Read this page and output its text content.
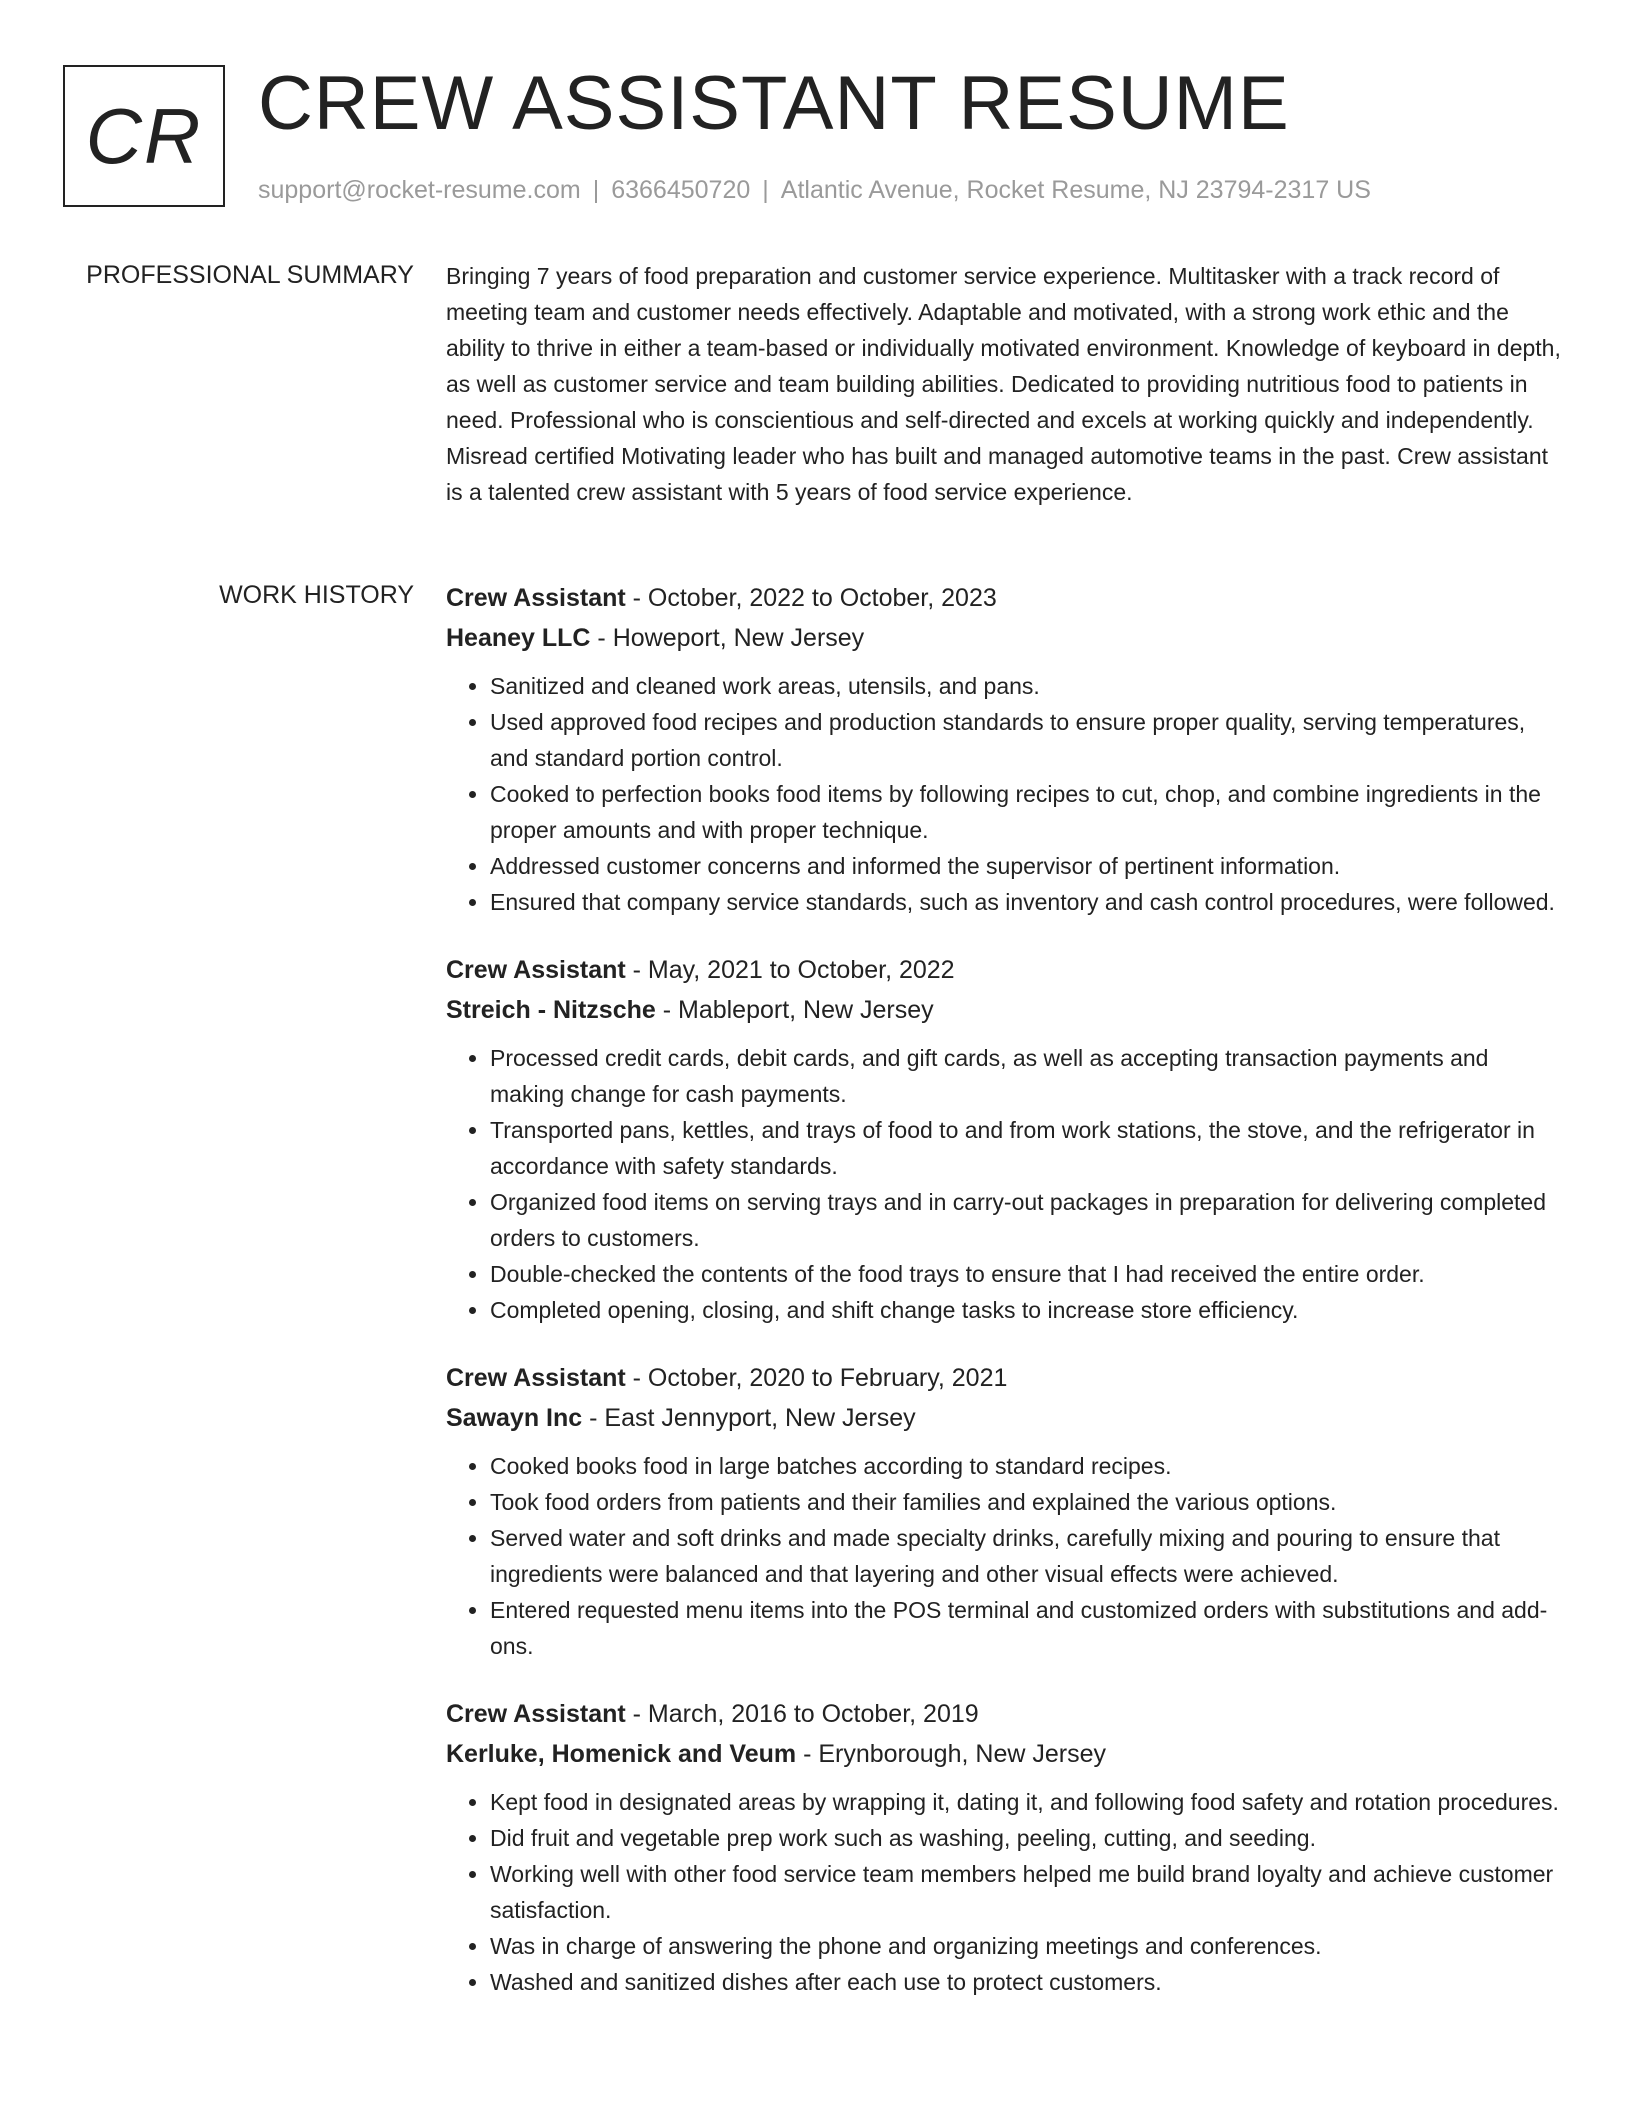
CR CREW ASSISTANT RESUME
support@rocket-resume.com | 6366450720 | Atlantic Avenue, Rocket Resume, NJ 23794-2317 US
PROFESSIONAL SUMMARY Bringing 7 years of food preparation and customer service experience. Multitasker with a track record of meeting team and customer needs effectively. Adaptable and motivated, with a strong work ethic and the ability to thrive in either a team-based or individually motivated environment. Knowledge of keyboard in depth, as well as customer service and team building abilities. Dedicated to providing nutritious food to patients in need. Professional who is conscientious and self-directed and excels at working quickly and independently. Misread certified Motivating leader who has built and managed automotive teams in the past. Crew assistant is a talented crew assistant with 5 years of food service experience.
WORK HISTORY Crew Assistant - October, 2022 to October, 2023
Heaney LLC - Howeport, New Jersey
• Sanitized and cleaned work areas, utensils, and pans.
• Used approved food recipes and production standards to ensure proper quality, serving temperatures, and standard portion control.
• Cooked to perfection books food items by following recipes to cut, chop, and combine ingredients in the proper amounts and with proper technique.
• Addressed customer concerns and informed the supervisor of pertinent information.
• Ensured that company service standards, such as inventory and cash control procedures, were followed.
Crew Assistant - May, 2021 to October, 2022
Streich - Nitzsche - Mableport, New Jersey
• Processed credit cards, debit cards, and gift cards, as well as accepting transaction payments and making change for cash payments.
• Transported pans, kettles, and trays of food to and from work stations, the stove, and the refrigerator in accordance with safety standards.
• Organized food items on serving trays and in carry-out packages in preparation for delivering completed orders to customers.
• Double-checked the contents of the food trays to ensure that I had received the entire order.
• Completed opening, closing, and shift change tasks to increase store efficiency.
Crew Assistant - October, 2020 to February, 2021
Sawayn Inc - East Jennyport, New Jersey
• Cooked books food in large batches according to standard recipes.
• Took food orders from patients and their families and explained the various options.
• Served water and soft drinks and made specialty drinks, carefully mixing and pouring to ensure that ingredients were balanced and that layering and other visual effects were achieved.
• Entered requested menu items into the POS terminal and customized orders with substitutions and add-ons.
Crew Assistant - March, 2016 to October, 2019
Kerluke, Homenick and Veum - Erynborough, New Jersey
• Kept food in designated areas by wrapping it, dating it, and following food safety and rotation procedures.
• Did fruit and vegetable prep work such as washing, peeling, cutting, and seeding.
• Working well with other food service team members helped me build brand loyalty and achieve customer satisfaction.
• Was in charge of answering the phone and organizing meetings and conferences.
• Washed and sanitized dishes after each use to protect customers.
